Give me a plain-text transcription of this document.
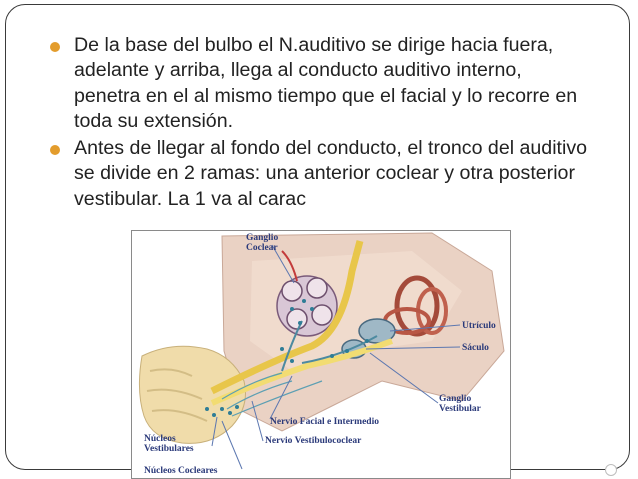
De la base del bulbo el N.auditivo se dirige hacia fuera, adelante y arriba, llega al conducto auditivo interno, penetra en el al mismo tiempo que el facial y lo recorre en toda su extensión.
Antes de llegar al fondo del conducto, el tronco del auditivo se divide en 2 ramas: una anterior coclear y otra posterior vestibular. La 1 va al carac
Ganglio Coclear
Utrículo
Sáculo
Ganglio Vestibular
Nervio Facial e Intermedio
Nervio Vestibulococlear
Núcleos Vestibulares
Núcleos Cocleares
